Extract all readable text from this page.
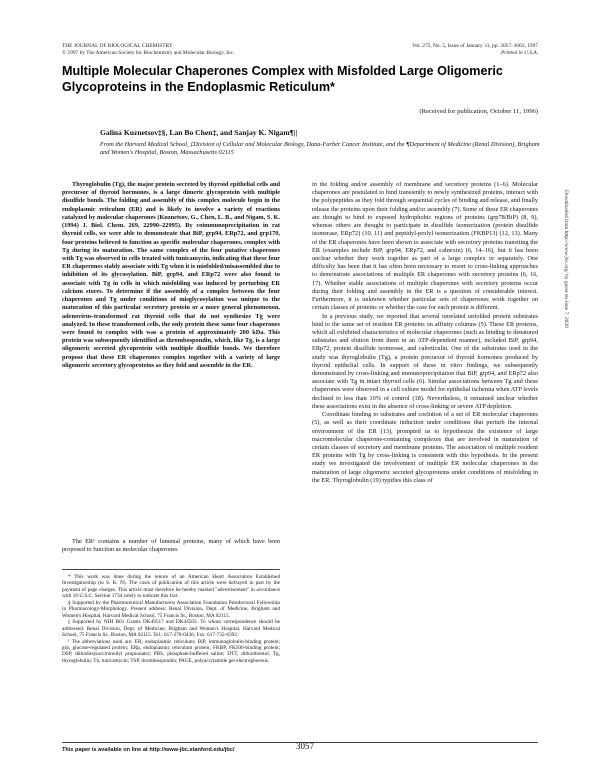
THE JOURNAL OF BIOLOGICAL CHEMISTRY
© 1997 by The American Society for Biochemistry and Molecular Biology, Inc.
Vol. 272, No. 5, Issue of January 31, pp. 3057–3063, 1997
Printed in U.S.A.
Multiple Molecular Chaperones Complex with Misfolded Large Oligomeric Glycoproteins in the Endoplasmic Reticulum*
(Received for publication, October 11, 1996)
Galina Kuznetsov‡§, Lan Bo Chen‡, and Sanjay K. Nigam¶||
From the Harvard Medical School, ‡Division of Cellular and Molecular Biology, Dana-Farber Cancer Institute, and the ¶Department of Medicine (Renal Division), Brigham and Women's Hospital, Boston, Massachusetts 02115
Thyroglobulin (Tg), the major protein secreted by thyroid epithelial cells and precursor of thyroid hormones, is a large dimeric glycoprotein with multiple disulfide bonds. The folding and assembly of this complex molecule begin in the endoplasmic reticulum (ER) and is likely to involve a variety of reactions catalyzed by molecular chaperones (Kuznetsov, G., Chen, L. B., and Nigam, S. K. (1994) J. Biol. Chem. 269, 22990–22995). By coimmunoprecipitation in rat thyroid cells, we were able to demonstrate that BiP, grp94, ERp72, and grp170, four proteins believed to function as specific molecular chaperones, complex with Tg during its maturation. The same complex of the four putative chaperones with Tg was observed in cells treated with tunicamycin, indicating that these four ER chaperones stably associate with Tg when it is misfolded/misassembled due to inhibition of its glycosylation. BiP, grp94, and ERp72 were also found to associate with Tg in cells in which misfolding was induced by perturbing ER calcium stores. To determine if the assembly of a complex between the four chaperones and Tg under conditions of misglycosylation was unique to the maturation of this particular secretory protein or a more general phenomenon, adenovirus-transformed rat thyroid cells that do not synthesize Tg were analyzed. In these transformed cells, the only protein these same four chaperones were found to complex with was a protein of approximately 200 kDa. This protein was subsequently identified as thrombospondin, which, like Tg, is a large oligomeric secreted glycoprotein with multiple disulfide bonds. We therefore propose that these ER chaperones complex together with a variety of large oligomeric secretory glycoproteins as they fold and assemble in the ER.
The ER¹ contains a number of lumenal proteins, many of which have been proposed to function as molecular chaperones

* This work was done during the tenure of an American Heart Association Established Investigatorship (to S. K. N). The costs of publication of this article were defrayed in part by the payment of page charges. This article must therefore be hereby marked "advertisement" in accordance with 18 U.S.C. Section 1734 solely to indicate this fact.

§ Supported by the Pharmaceutical Manufacturers Association Foundation Postdoctoral Fellowship in Pharmacology-Morphology. Present address: Renal Division, Dept. of Medicine, Brigham and Women's Hospital, Harvard Medical School, 75 Francis St., Boston, MA 02115.

|| Supported by NIH R01 Grants DK49517 and DK44503. To whom correspondence should be addressed: Renal Division, Dept. of Medicine, Brigham and Women's Hospital, Harvard Medical School, 75 Francis St., Boston, MA 02115. Tel.: 617-278-0436; Fax: 617-732-6392.

¹ The abbreviations used are: ER, endoplasmic reticulum; BiP, immunoglobulin-binding protein; grp, glucose-regulated protein; ERp, endoplasmic reticulum protein; FKBP, FK506-binding protein; DSP, dithiobis(succinimidyl propionate); PBS, phosphate-buffered saline; DTT, dithiothreitol; Tg, thyroglobulin; Tn, tunicamycin; TSP, thrombospondin; PAGE, polyacrylamide gel electrophoresis.

in the folding and/or assembly of membrane and secretory proteins (1–6). Molecular chaperones are postulated to bind transiently to newly synthesized proteins, interact with the polypeptides as they fold through sequential cycles of binding and release, and finally release the proteins upon their folding and/or assembly (7). Some of these ER chaperones are thought to bind to exposed hydrophobic regions of proteins (grp78/BiP) (8, 9), whereas others are thought to participate in disulfide isomerization (protein disulfide isomerase, ERp72) (10, 11) and peptidyl-prolyl isomerization (FKBP13) (12, 13). Many of the ER chaperones have been shown to associate with secretory proteins transiting the ER (examples include BiP, grp94, ERp72, and calnexin) (6, 14–16), but it has been unclear whether they work together as part of a large complex or separately. One difficulty has been that it has often been necessary to resort to cross-linking approaches to demonstrate associations of multiple ER chaperones with secretory proteins (6, 16, 17). Whether stable associations of multiple chaperones with secretory proteins occur during their folding and assembly in the ER is a question of considerable interest. Furthermore, it is unknown whether particular sets of chaperones work together on certain classes of proteins or whether the case for each protein is different.

In a previous study, we reported that several unrelated unfolded protein substrates bind to the same set of resident ER proteins on affinity columns (5). These ER proteins, which all exhibited characteristics of molecular chaperones (such as binding to denatured substrates and elution from them in an ATP-dependent manner), included BiP, grp94, ERp72, protein disulfide isomerase, and calreticulin. One of the substrates used in the study was thyroglobulin (Tg), a protein precursor of thyroid hormones produced by thyroid epithelial cells. In support of these in vitro findings, we subsequently demonstrated by cross-linking and immunoprecipitation that BiP, grp94, and ERp72 also associate with Tg in intact thyroid cells (6). Similar associations between Tg and these chaperones were observed in a cell culture model for epithelial ischemia when ATP levels declined to less than 10% of control (18). Nevertheless, it remained unclear whether these associations exist in the absence of cross-linking or severe ATP depletion.

Coordinate binding to substrates and coelution of a set of ER molecular chaperones (5), as well as their coordinate induction under conditions that perturb the internal environment of the ER (13), prompted us to hypothesize the existence of large macromolecular chaperone-containing complexes that are involved in maturation of certain classes of secretory and membrane proteins. The association of multiple resident ER proteins with Tg by cross-linking is consistent with this hypothesis. In the present study we investigated the involvement of multiple ER molecular chaperones in the maturation of large oligomeric secreted glycoproteins under conditions of misfolding in the ER. Thyroglobulin (19) typifies this class of

Downloaded from http://www.jbc.org/ by guest on June 7, 2020
This paper is available on line at http://www-jbc.stanford.edu/jbc/	3057
